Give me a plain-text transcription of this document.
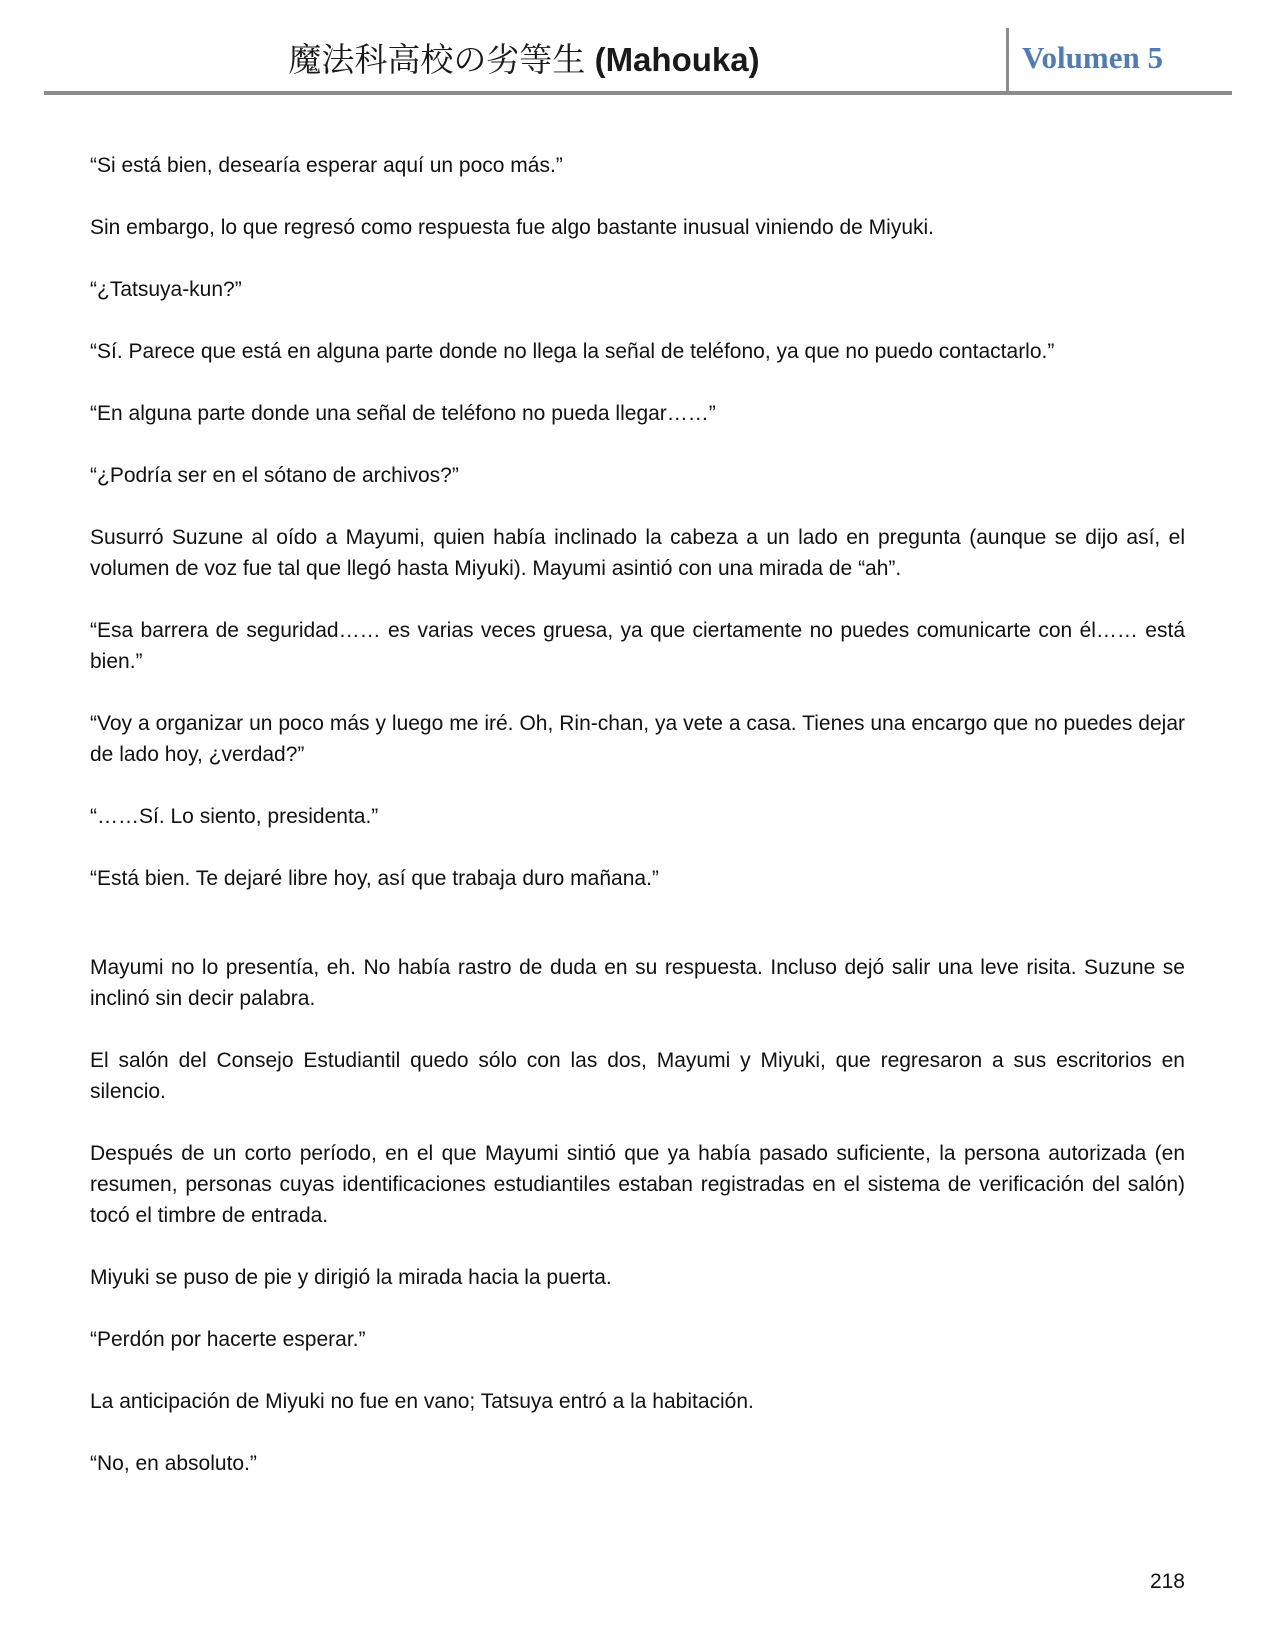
魔法科高校の劣等生 (Mahouka)	Volumen 5

“Si está bien, desearía esperar aquí un poco más.”

Sin embargo, lo que regresó como respuesta fue algo bastante inusual viniendo de Miyuki.

“¿Tatsuya-kun?”

“Sí. Parece que está en alguna parte donde no llega la señal de teléfono, ya que no puedo contactarlo.”

“En alguna parte donde una señal de teléfono no pueda llegar……”

“¿Podría ser en el sótano de archivos?”

Susurró Suzune al oído a Mayumi, quien había inclinado la cabeza a un lado en pregunta (aunque se dijo así, el volumen de voz fue tal que llegó hasta Miyuki). Mayumi asintió con una mirada de “ah”.

“Esa barrera de seguridad…… es varias veces gruesa, ya que ciertamente no puedes comunicarte con él…… está bien.”

“Voy a organizar un poco más y luego me iré. Oh, Rin-chan, ya vete a casa. Tienes una encargo que no puedes dejar de lado hoy, ¿verdad?”

“……Sí. Lo siento, presidenta.”

“Está bien. Te dejaré libre hoy, así que trabaja duro mañana.”

Mayumi no lo presentía, eh. No había rastro de duda en su respuesta. Incluso dejó salir una leve risita. Suzune se inclinó sin decir palabra.

El salón del Consejo Estudiantil quedo sólo con las dos, Mayumi y Miyuki, que regresaron a sus escritorios en silencio.

Después de un corto período, en el que Mayumi sintió que ya había pasado suficiente, la persona autorizada (en resumen, personas cuyas identificaciones estudiantiles estaban registradas en el sistema de verificación del salón) tocó el timbre de entrada.

Miyuki se puso de pie y dirigió la mirada hacia la puerta.

“Perdón por hacerte esperar.”

La anticipación de Miyuki no fue en vano; Tatsuya entró a la habitación.

“No, en absoluto.”

218
